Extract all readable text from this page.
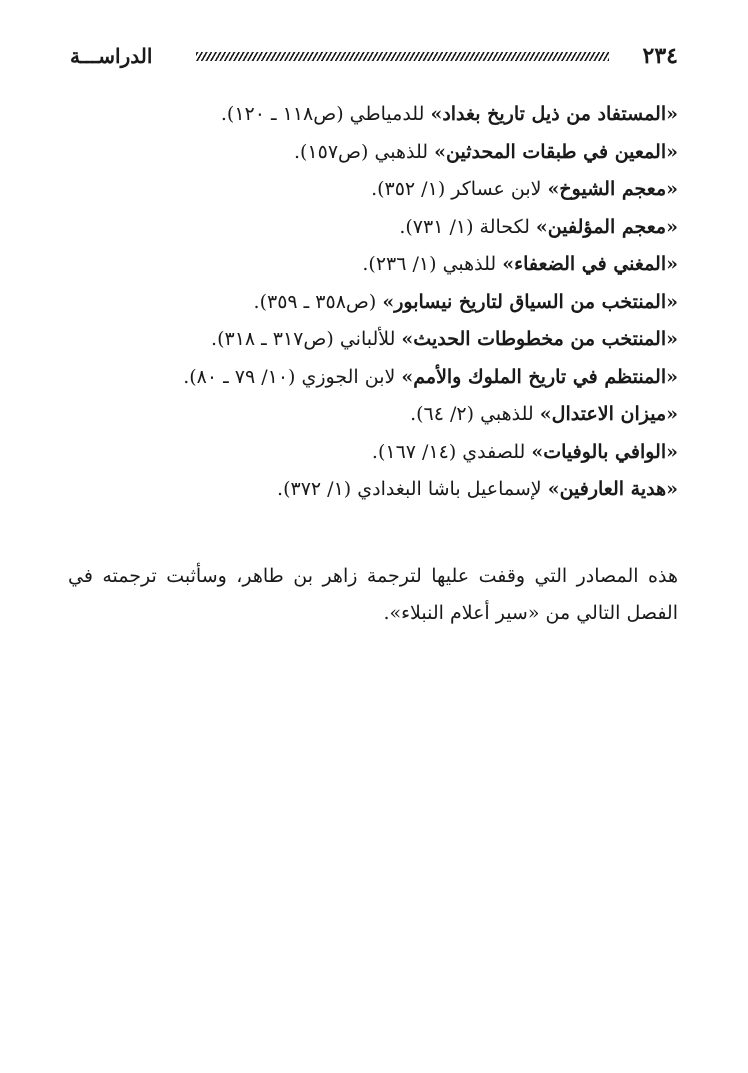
٢٣٤
الدراســـة
«المستفاد من ذيل تاريخ بغداد» للدمياطي (ص١١٨ ـ ١٢٠).
«المعين في طبقات المحدثين» للذهبي (ص١٥٧).
«معجم الشيوخ» لابن عساكر (١/ ٣٥٢).
«معجم المؤلفين» لكحالة (١/ ٧٣١).
«المغني في الضعفاء» للذهبي (١/ ٢٣٦).
«المنتخب من السياق لتاريخ نيسابور» (ص٣٥٨ ـ ٣٥٩).
«المنتخب من مخطوطات الحديث» للألباني (ص٣١٧ ـ ٣١٨).
«المنتظم في تاريخ الملوك والأمم» لابن الجوزي (١٠/ ٧٩ ـ ٨٠).
«ميزان الاعتدال» للذهبي (٢/ ٦٤).
«الوافي بالوفيات» للصفدي (١٤/ ١٦٧).
«هدية العارفين» لإسماعيل باشا البغدادي (١/ ٣٧٢).

هذه المصادر التي وقفت عليها لترجمة زاهر بن طاهر، وسأثبت ترجمته في الفصل التالي من «سير أعلام النبلاء».
